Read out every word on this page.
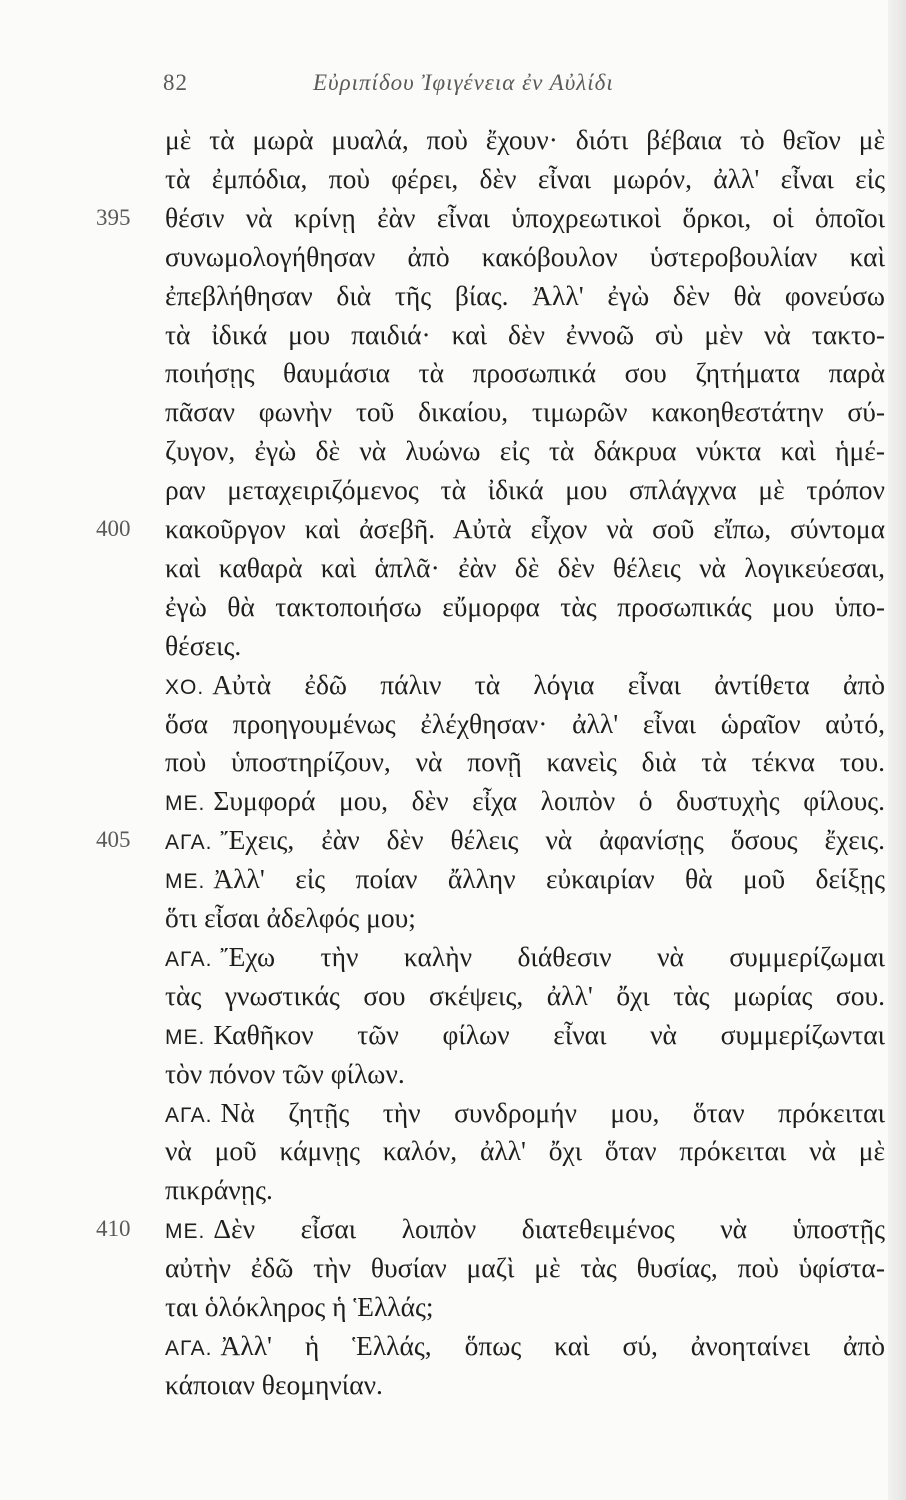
82	Εὐριπίδου Ἰφιγένεια ἐν Αὐλίδι
μὲ τὰ μωρὰ μυαλά, ποὺ ἔχουν· διότι βέβαια τὸ θεῖον μὲ
τὰ ἐμπόδια, ποὺ φέρει, δὲν εἶναι μωρόν, ἀλλ' εἶναι εἰς
θέσιν νὰ κρίνῃ ἐὰν εἶναι ὑποχρεωτικοὶ ὅρκοι, οἱ ὁποῖοι
395
συνωμολογήθησαν ἀπὸ κακόβουλον ὑστεροβουλίαν καὶ
ἐπεβλήθησαν διὰ τῆς βίας. Ἀλλ' ἐγὼ δὲν θὰ φονεύσω
τὰ ἰδικά μου παιδιά· καὶ δὲν ἐννοῶ σὺ μὲν νὰ τακτο-
ποιήσῃς θαυμάσια τὰ προσωπικά σου ζητήματα παρὰ
πᾶσαν φωνὴν τοῦ δικαίου, τιμωρῶν κακοηθεστάτην σύ-
ζυγον, ἐγὼ δὲ νὰ λυώνω εἰς τὰ δάκρυα νύκτα καὶ ἡμέ-
ραν μεταχειριζόμενος τὰ ἰδικά μου σπλάγχνα μὲ τρόπον
κακοῦργον καὶ ἀσεβῆ. Αὐτὰ εἶχον νὰ σοῦ εἴπω, σύντομα
400
καὶ καθαρὰ καὶ ἁπλᾶ· ἐὰν δὲ δὲν θέλεις νὰ λογικεύεσαι,
ἐγὼ θὰ τακτοποιήσω εὔμορφα τὰς προσωπικάς μου ὑπο-
θέσεις.
ΧΟ. Αὐτὰ ἐδῶ πάλιν τὰ λόγια εἶναι ἀντίθετα ἀπὸ
ὅσα προηγουμένως ἐλέχθησαν· ἀλλ' εἶναι ὡραῖον αὐτό,
ποὺ ὑποστηρίζουν, νὰ πονῇ κανεὶς διὰ τὰ τέκνα του.
ΜΕ. Συμφορά μου, δὲν εἶχα λοιπὸν ὁ δυστυχὴς φίλους.
ΑΓΑ. Ἔχεις, ἐὰν δὲν θέλεις νὰ ἀφανίσῃς ὅσους ἔχεις.
405
ΜΕ. Ἀλλ' εἰς ποίαν ἄλλην εὐκαιρίαν θὰ μοῦ δείξῃς
ὅτι εἶσαι ἀδελφός μου;
ΑΓΑ. Ἔχω τὴν καλὴν διάθεσιν νὰ συμμερίζωμαι
τὰς γνωστικάς σου σκέψεις, ἀλλ' ὄχι τὰς μωρίας σου.
ΜΕ. Καθῆκον τῶν φίλων εἶναι νὰ συμμερίζωνται
τὸν πόνον τῶν φίλων.
ΑΓΑ. Νὰ ζητῇς τὴν συνδρομήν μου, ὅταν πρόκειται
νὰ μοῦ κάμνῃς καλόν, ἀλλ' ὄχι ὅταν πρόκειται νὰ μὲ
πικράνῃς.
ΜΕ. Δὲν εἶσαι λοιπὸν διατεθειμένος νὰ ὑποστῇς
410
αὐτὴν ἐδῶ τὴν θυσίαν μαζὶ μὲ τὰς θυσίας, ποὺ ὑφίστα-
ται ὁλόκληρος ἡ Ἑλλάς;
ΑΓΑ. Ἀλλ' ἡ Ἑλλάς, ὅπως καὶ σύ, ἀνοηταίνει ἀπὸ
κάποιαν θεομηνίαν.
